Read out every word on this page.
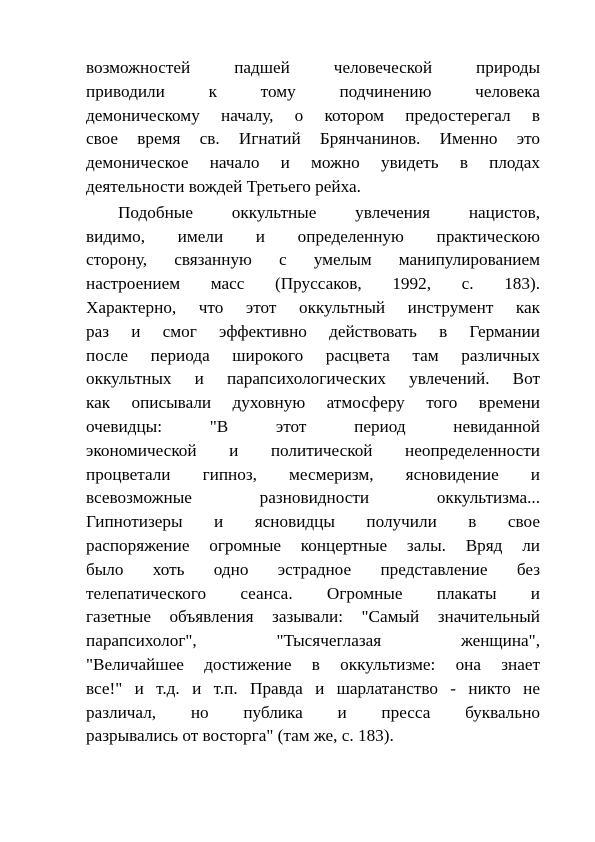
возможностей падшей человеческой природы
приводили к тому подчинению человека
демоническому началу, о котором предостерегал в
свое время св. Игнатий Брянчанинов. Именно это
демоническое начало и можно увидеть в плодах
деятельности вождей Третьего рейха.
Подобные оккультные увлечения нацистов,
видимо, имели и определенную практическою
сторону, связанную с умелым манипулированием
настроением масс (Пруссаков, 1992, с. 183).
Характерно, что этот оккультный инструмент как
раз и смог эффективно действовать в Германии
после периода широкого расцвета там различных
оккультных и парапсихологических увлечений. Вот
как описывали духовную атмосферу того времени
очевидцы: "В этот период невиданной
экономической и политической неопределенности
процветали гипноз, месмеризм, ясновидение и
всевозможные разновидности оккультизма...
Гипнотизеры и ясновидцы получили в свое
распоряжение огромные концертные залы. Вряд ли
было хоть одно эстрадное представление без
телепатического сеанса. Огромные плакаты и
газетные объявления зазывали: "Самый значительный
парапсихолог", "Тысячеглазая женщина",
"Величайшее достижение в оккультизме: она знает
все!" и т.д. и т.п. Правда и шарлатанство - никто не
различал, но публика и пресса буквально
разрывались от восторга" (там же, с. 183).
